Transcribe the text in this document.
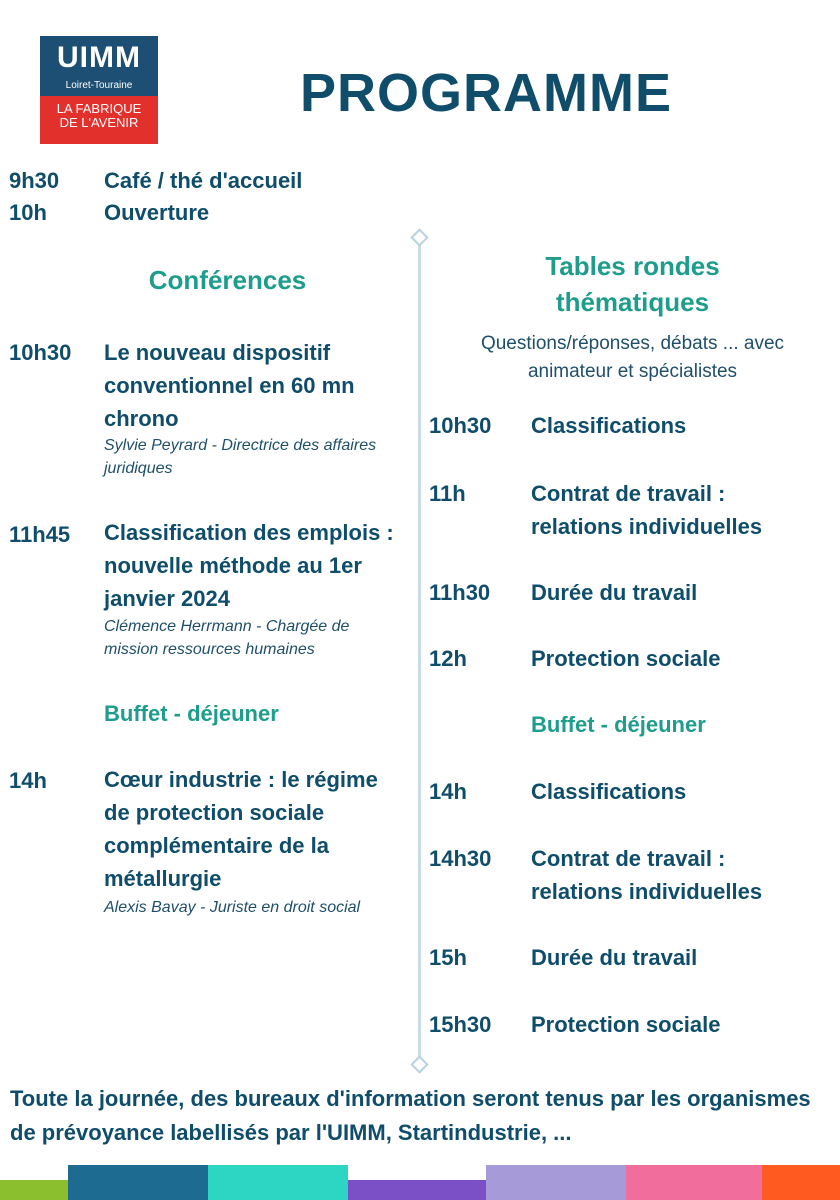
UIMM
Loiret-Touraine
LA FABRIQUE
DE L'AVENIR	PROGRAMME
9h30 Café / thé d'accueil
10h	Ouverture
Conférences
10h30 Le nouveau dispositif conventionnel en 60 mn chrono
Sylvie Peyrard - Directrice des affaires juridiques
11h45 Classification des emplois : nouvelle méthode au 1er janvier 2024
Clémence Herrmann - Chargée de mission ressources humaines
Buffet - déjeuner
14h	Cœur industrie : le régime de protection sociale complémentaire de la métallurgie
Alexis Bavay - Juriste en droit social
Tables rondes
thématiques
Questions/réponses, débats ... avec
animateur et spécialistes
10h30 Classifications
11h	Contrat de travail : relations individuelles
11h30 Durée du travail
12h	Protection sociale
Buffet - déjeuner
14h	Classifications
14h30 Contrat de travail : relations individuelles
15h	Durée du travail
15h30 Protection sociale
Toute la journée, des bureaux d'information seront tenus par les organismes de prévoyance labellisés par l'UIMM, Startindustrie, ...
